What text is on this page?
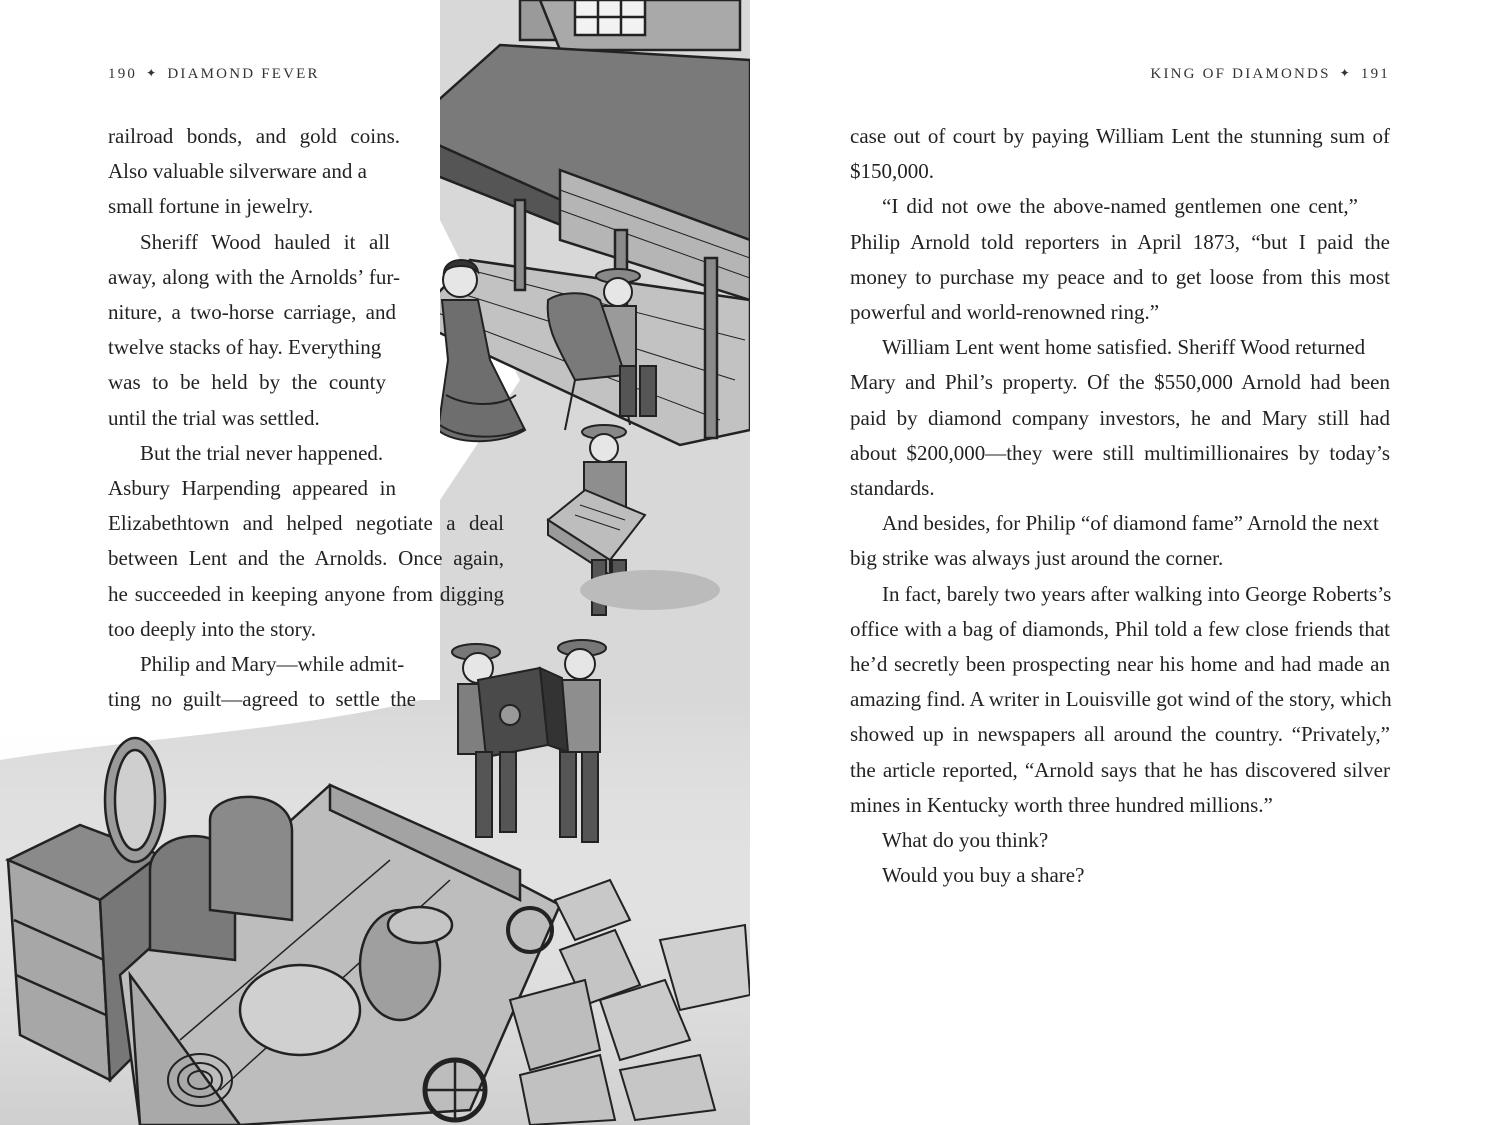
190 ✦ DIAMOND FEVER
railroad bonds, and gold coins.
Also valuable silverware and a
small fortune in jewelry.
Sheriff Wood hauled it all
away, along with the Arnolds’ fur-
niture, a two-horse carriage, and
twelve stacks of hay. Everything
was to be held by the county
until the trial was settled.
But the trial never happened.
Asbury Harpending appeared in
Elizabethtown and helped negotiate a deal
between Lent and the Arnolds. Once again,
he succeeded in keeping anyone from digging
too deeply into the story.
Philip and Mary—while admit-
ting no guilt—agreed to settle the
KING OF DIAMONDS ✦ 191
case out of court by paying William Lent the stunning sum of
$150,000.
“I did not owe the above-named gentlemen one cent,”
Philip Arnold told reporters in April 1873, “but I paid the
money to purchase my peace and to get loose from this most
powerful and world-renowned ring.”
William Lent went home satisfied. Sheriff Wood returned
Mary and Phil’s property. Of the $550,000 Arnold had been
paid by diamond company investors, he and Mary still had
about $200,000—they were still multimillionaires by today’s
standards.
And besides, for Philip “of diamond fame” Arnold the next
big strike was always just around the corner.
In fact, barely two years after walking into George Roberts’s
office with a bag of diamonds, Phil told a few close friends that
he’d secretly been prospecting near his home and had made an
amazing find. A writer in Louisville got wind of the story, which
showed up in newspapers all around the country. “Privately,”
the article reported, “Arnold says that he has discovered silver
mines in Kentucky worth three hundred millions.”
What do you think?
Would you buy a share?
